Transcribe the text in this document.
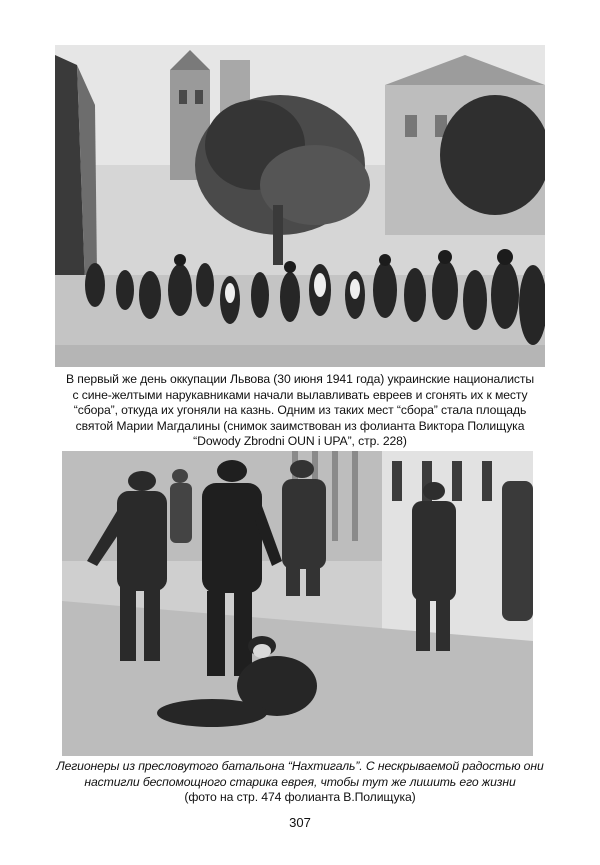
В первый же день оккупации Львова (30 июня 1941 года) украинские националисты
с сине-желтыми нарукавниками начали вылавливать евреев и сгонять их к месту
“сбора”, откуда их угоняли на казнь. Одним из таких мест “сбора” стала площадь
святой Марии Магдалины (снимок заимствован из фолианта Виктора Полищука
“Dowody Zbrodni OUN i UPA”, стр. 228)
Легионеры из пресловутого батальона “Нахтигаль”. С нескрываемой радостью они
настигли беспомощного старика еврея, чтобы тут же лишить его жизни
(фото на стр. 474 фолианта В.Полищука)
307
